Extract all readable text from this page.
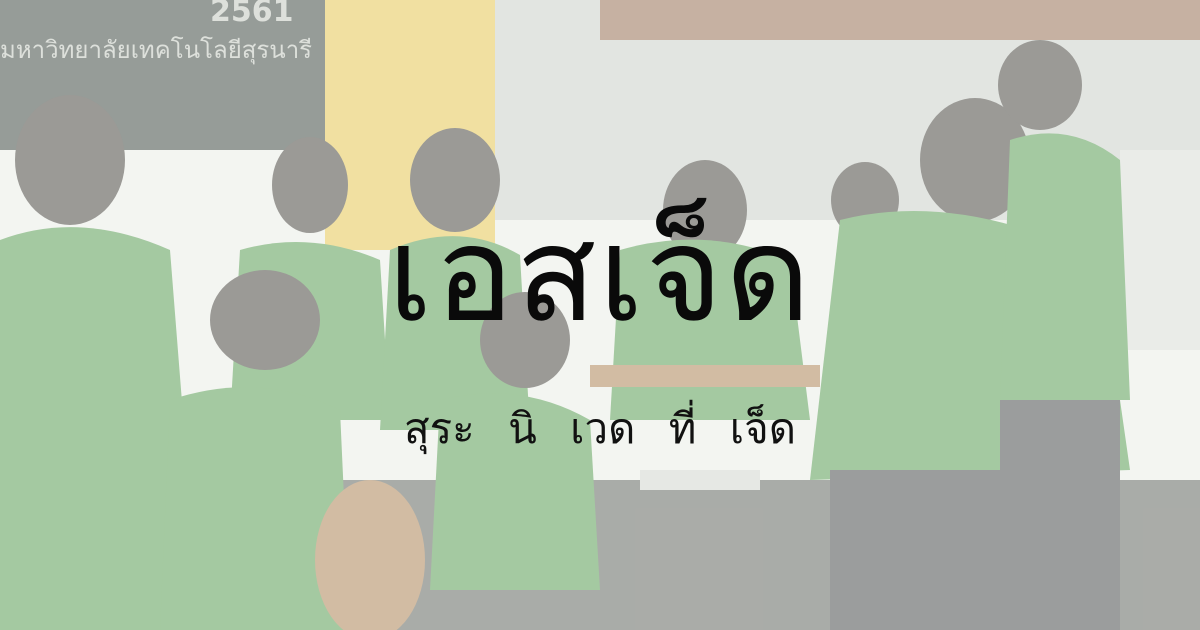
2561
มหาวิทยาลัยเทคโนโลยีสุรนารี
เอสเจ็ด
สุระ นิ เวด ที่ เจ็ด
